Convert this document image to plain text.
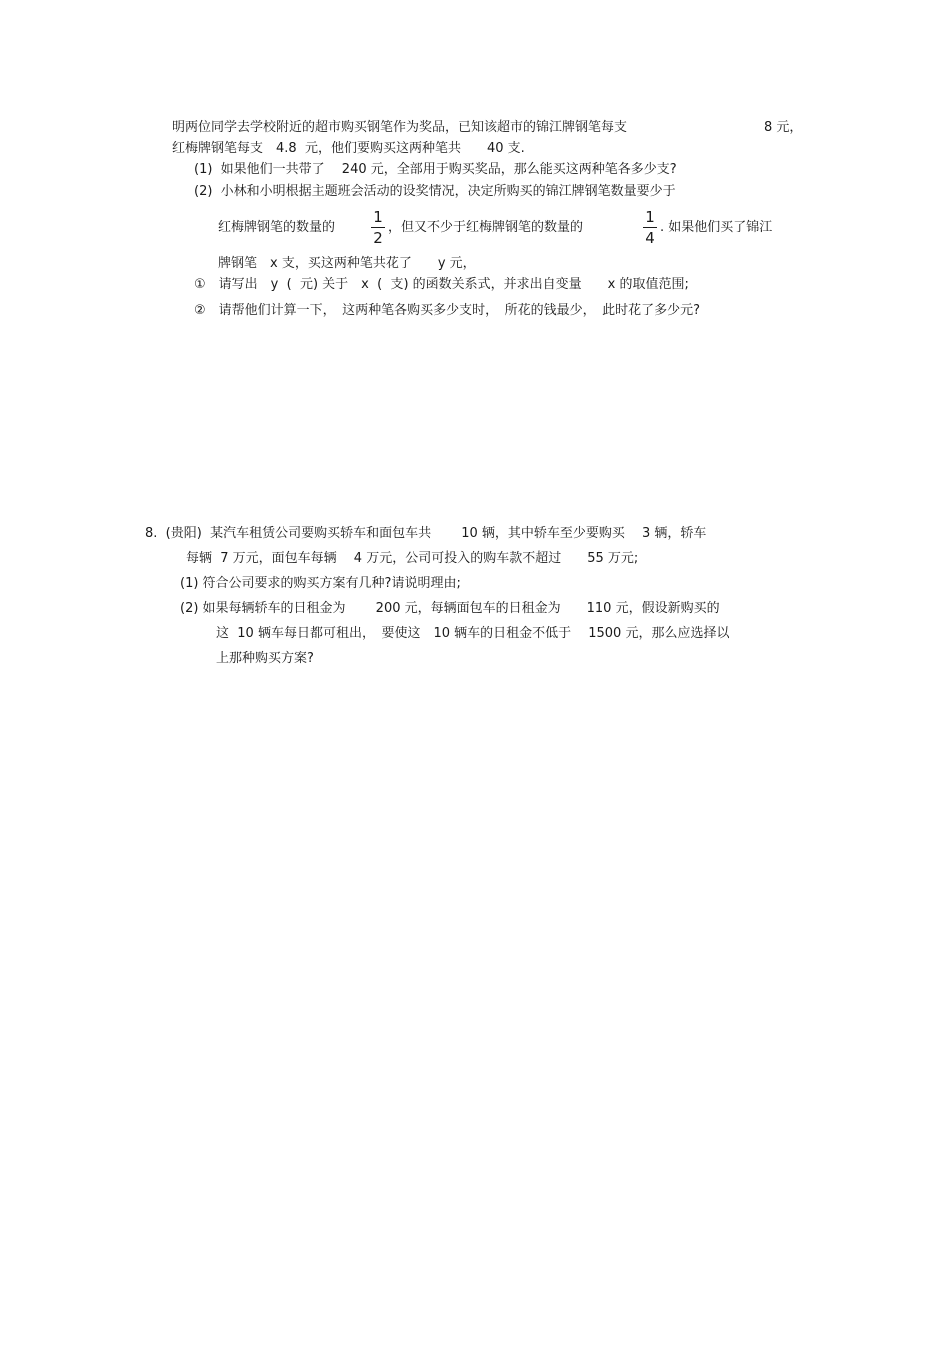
明两位同学去学校附近的超市购买钢笔作为奖品，已知该超市的锦江牌钢笔每支	8 元，
红梅牌钢笔每支　4.8  元，他们要购买这两种笔共　　40 支.
(1)  如果他们一共带了　 240 元，全部用于购买奖品，那么能买这两种笔各多少支?
(2)  小林和小明根据主题班会活动的设奖情况，决定所购买的锦江牌钢笔数量要少于
红梅牌钢笔的数量的
1
2
，但又不少于红梅牌钢笔的数量的
1
4
. 如果他们买了锦江
牌钢笔　x 支，买这两种笔共花了　　y 元，
①　请写出　y  (  元) 关于　x  (  支) 的函数关系式，并求出自变量　　x 的取值范围;
②　请帮他们计算一下，　这两种笔各购买多少支时，　所花的钱最少，　此时花了多少元?
8.  (贵阳)  某汽车租赁公司要购买轿车和面包车共　　 10 辆，其中轿车至少要购买　 3 辆，轿车
每辆  7 万元，面包车每辆　 4 万元，公司可投入的购车款不超过　　55 万元;
(1) 符合公司要求的购买方案有几种?请说明理由;
(2) 如果每辆轿车的日租金为　　 200 元，每辆面包车的日租金为　　110 元，假设新购买的
这  10 辆车每日都可租出，　要使这　10 辆车的日租金不低于　 1500 元，那么应选择以
上那种购买方案?
